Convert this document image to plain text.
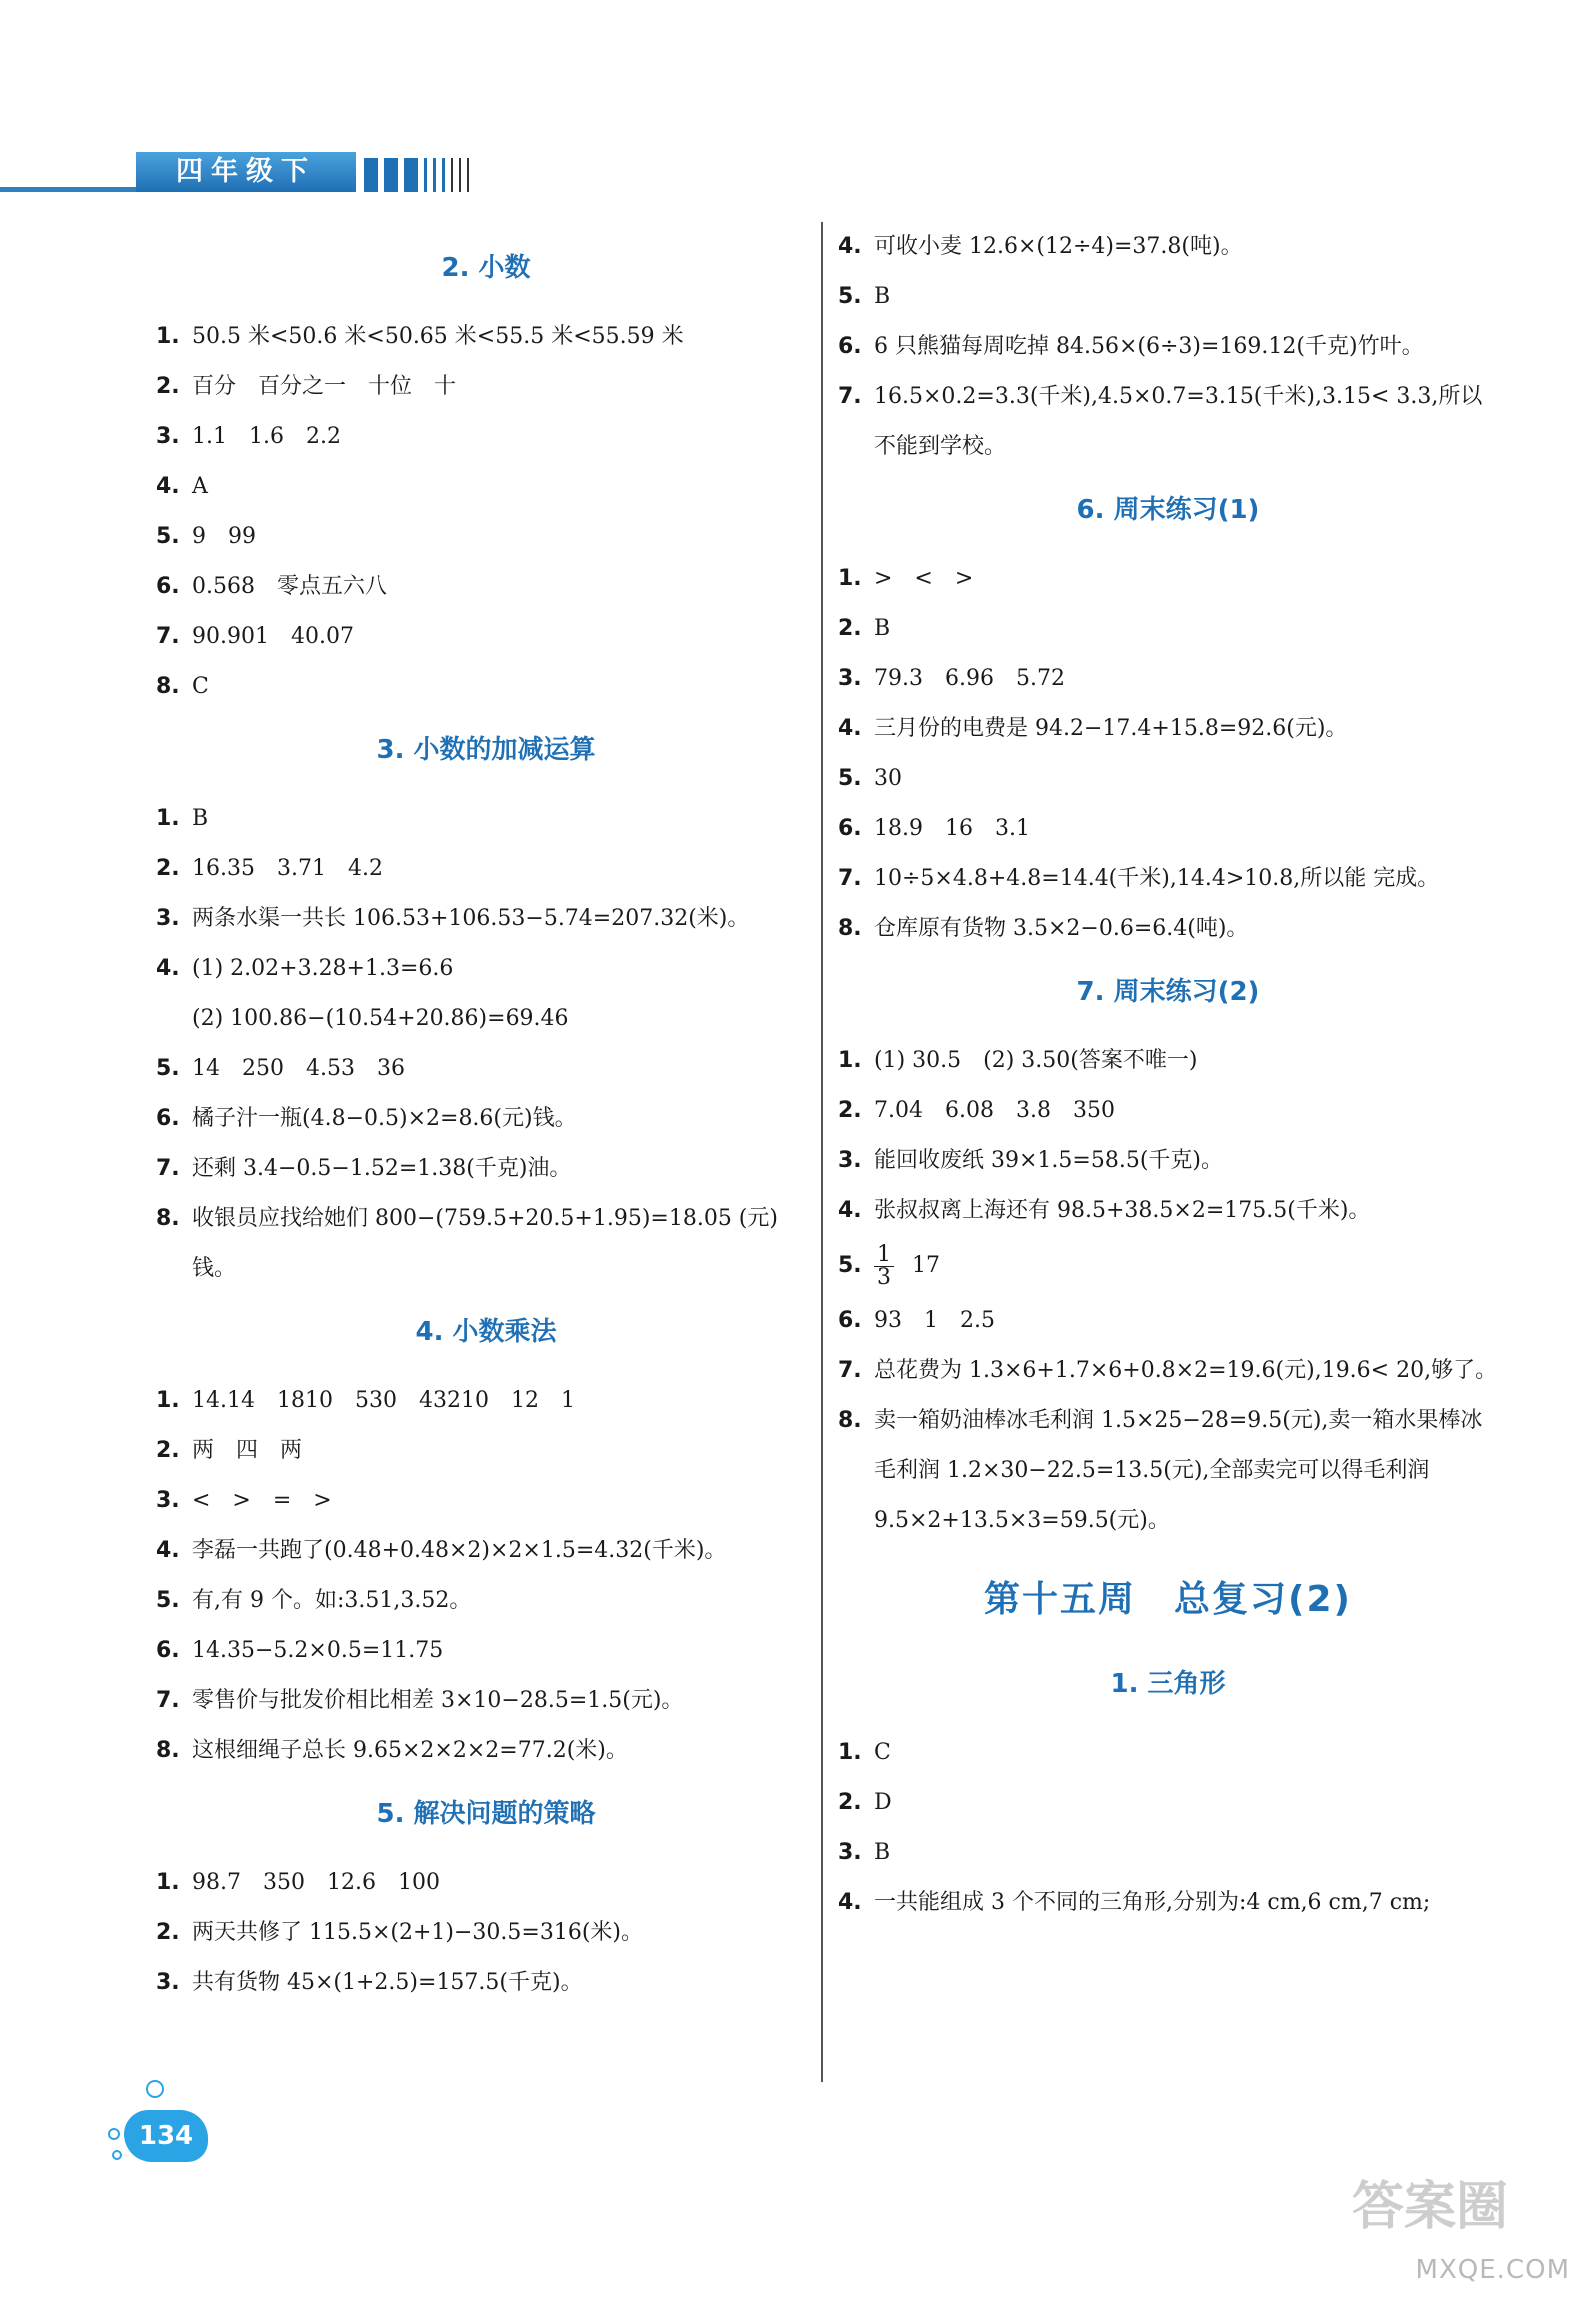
四年级下
2. 小数
1. 50.5 米<50.6 米<50.65 米<55.5 米<55.59 米
2. 百分　百分之一　十位　十
3. 1.1　1.6　2.2
4. A
5. 9　99
6. 0.568　零点五六八
7. 90.901　40.07
8. C
3. 小数的加减运算
1. B
2. 16.35　3.71　4.2
3. 两条水渠一共长 106.53+106.53−5.74=207.32(米)。
4. (1) 2.02+3.28+1.3=6.6
(2) 100.86−(10.54+20.86)=69.46
5. 14　250　4.53　36
6. 橘子汁一瓶(4.8−0.5)×2=8.6(元)钱。
7. 还剩 3.4−0.5−1.52=1.38(千克)油。
8. 收银员应找给她们 800−(759.5+20.5+1.95)=18.05 (元)钱。
4. 小数乘法
1. 14.14　1810　530　43210　12　1
2. 两　四　两
3. <　>　=　>
4. 李磊一共跑了(0.48+0.48×2)×2×1.5=4.32(千米)。
5. 有,有 9 个。如:3.51,3.52。
6. 14.35−5.2×0.5=11.75
7. 零售价与批发价相比相差 3×10−28.5=1.5(元)。
8. 这根细绳子总长 9.65×2×2×2=77.2(米)。
5. 解决问题的策略
1. 98.7　350　12.6　100
2. 两天共修了 115.5×(2+1)−30.5=316(米)。
3. 共有货物 45×(1+2.5)=157.5(千克)。
4. 可收小麦 12.6×(12÷4)=37.8(吨)。
5. B
6. 6 只熊猫每周吃掉 84.56×(6÷3)=169.12(千克)竹叶。
7. 16.5×0.2=3.3(千米),4.5×0.7=3.15(千米),3.15< 3.3,所以不能到学校。
6. 周末练习(1)
1. >　<　>
2. B
3. 79.3　6.96　5.72
4. 三月份的电费是 94.2−17.4+15.8=92.6(元)。
5. 30
6. 18.9　16　3.1
7. 10÷5×4.8+4.8=14.4(千米),14.4>10.8,所以能 完成。
8. 仓库原有货物 3.5×2−0.6=6.4(吨)。
7. 周末练习(2)
1. (1) 30.5　(2) 3.50(答案不唯一)
2. 7.04　6.08　3.8　350
3. 能回收废纸 39×1.5=58.5(千克)。
4. 张叔叔离上海还有 98.5+38.5×2=175.5(千米)。
5. $\frac{1}{3} 17$
6. 93　1　2.5
7. 总花费为 1.3×6+1.7×6+0.8×2=19.6(元),19.6< 20,够了。
8. 卖一箱奶油棒冰毛利润 1.5×25−28=9.5(元),卖一箱水果棒冰毛利润 1.2×30−22.5=13.5(元),全部卖完可以得毛利润 9.5×2+13.5×3=59.5(元)。
第十五周　总复习(2)
1. 三角形
1. C
2. D
3. B
4. 一共能组成 3 个不同的三角形,分别为:4 cm,6 cm,7 cm;
134
答案圈
MXQE.COM
